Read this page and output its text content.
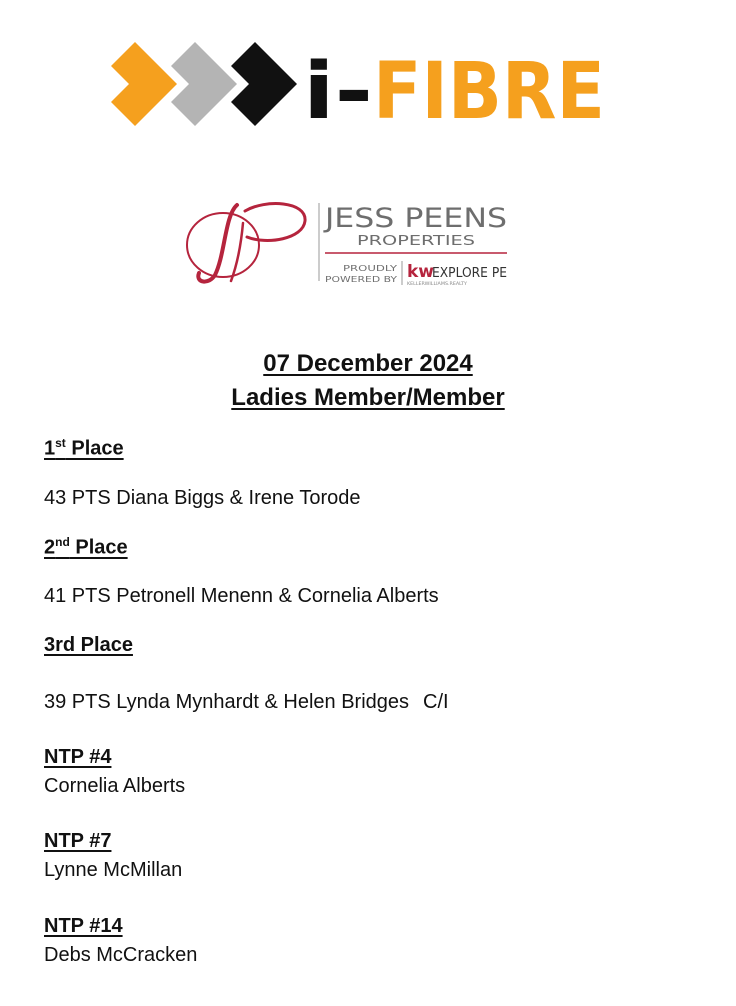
i- FIBRE
JESS PEENS
PROPERTIES
PROUDLY
POWERED BY kw
EXPLORE PE
KELLERWILLIAMS.REALTY
07 December 2024
Ladies Member/Member
1st Place
43 PTS Diana Biggs & Irene Torode
2nd Place
41 PTS Petronell Menenn & Cornelia Alberts
3rd Place
39 PTS Lynda Mynhardt & Helen Bridges C/I
NTP #4
Cornelia Alberts
NTP #7
Lynne McMillan
NTP #14
Debs McCracken
